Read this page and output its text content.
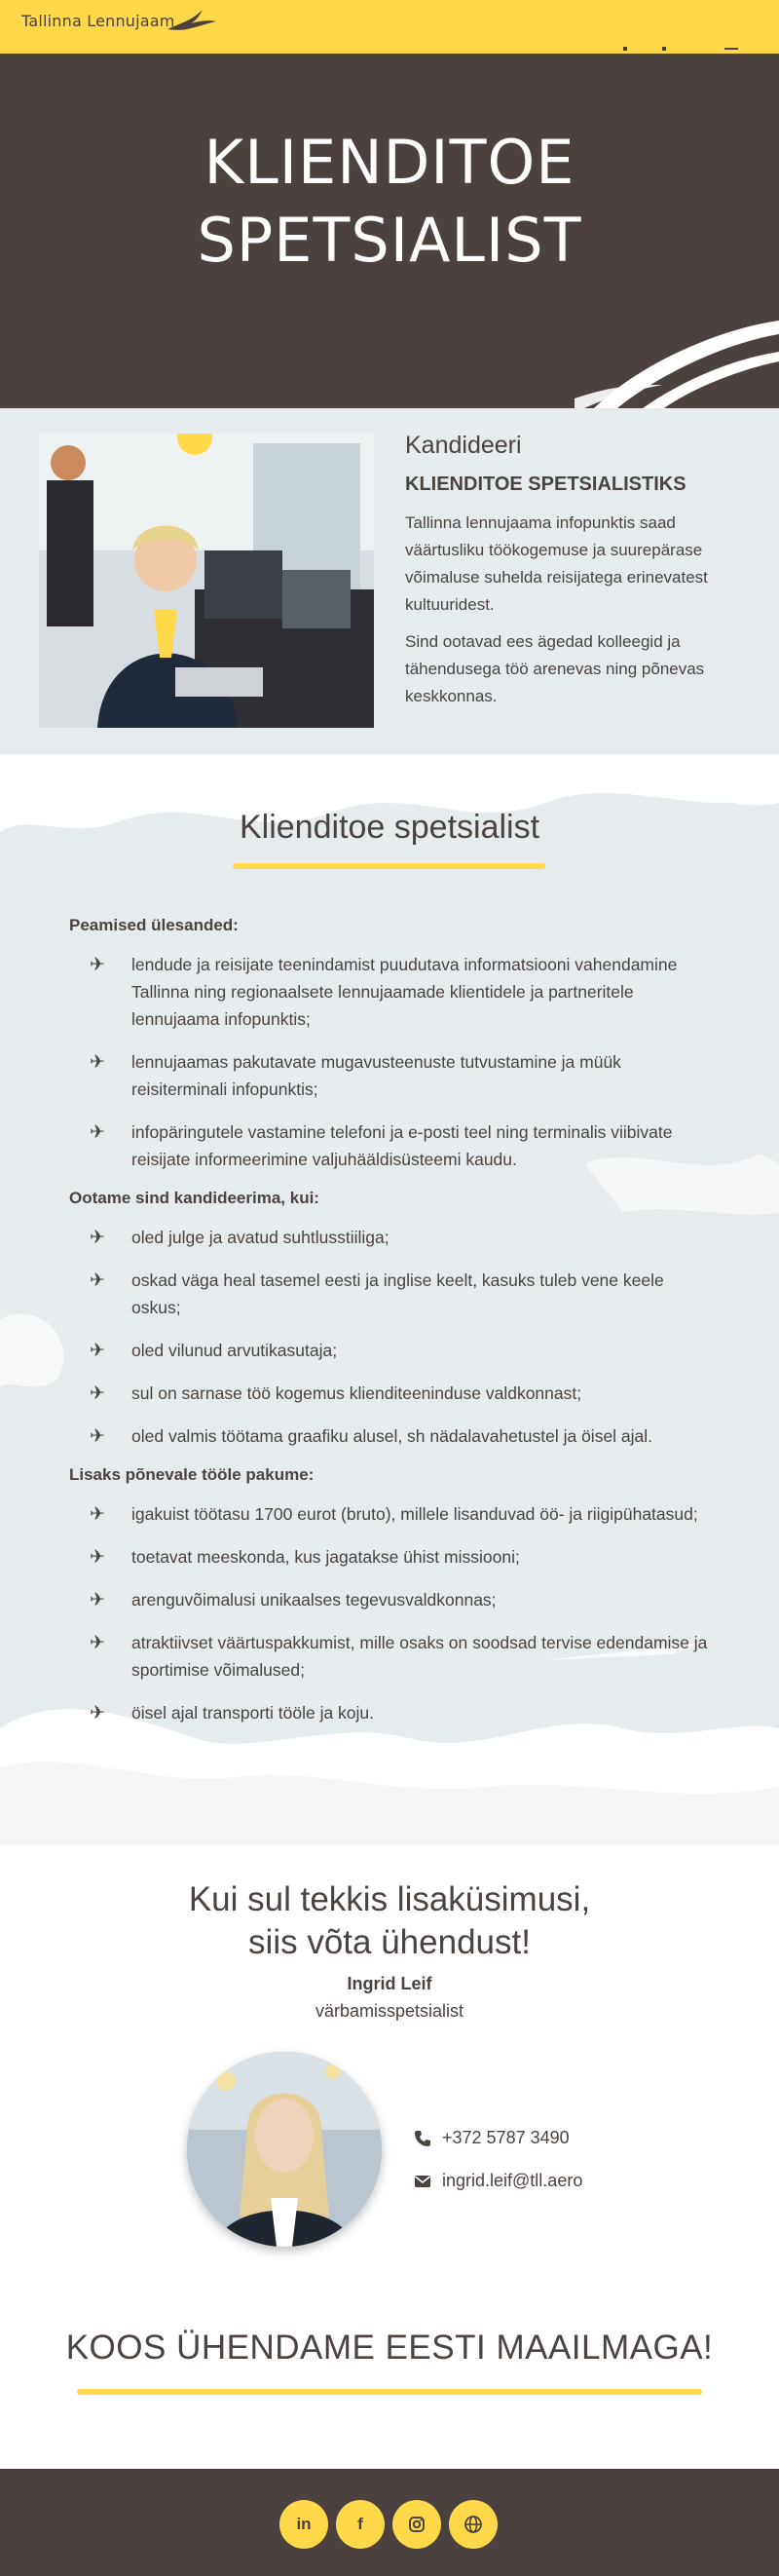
Tallinna Lennujaam
KLIENDITOE
SPETSIALIST
Kandideeri
KLIENDITOE SPETSIALISTIKS

Tallinna lennujaama infopunktis saad väärtusliku töökogemuse ja suurepärase võimaluse suhelda reisijatega erinevatest kultuuridest.

Sind ootavad ees ägedad kolleegid ja tähendusega töö arenevas ning põnevas keskkonnas.

Klienditoe spetsialist
Peamised ülesanded:
✈ lendude ja reisijate teenindamist puudutava informatsiooni vahendamine Tallinna ning regionaalsete lennujaamade klientidele ja partneritele lennujaama infopunktis;
✈ lennujaamas pakutavate mugavusteenuste tutvustamine ja müük reisiterminali infopunktis;
✈ infopäringutele vastamine telefoni ja e-posti teel ning terminalis viibivate reisijate informeerimine valjuhääldisüsteemi kaudu.
Ootame sind kandideerima, kui:
✈ oled julge ja avatud suhtlusstiiliga;
✈ oskad väga heal tasemel eesti ja inglise keelt, kasuks tuleb vene keele oskus;
✈ oled vilunud arvutikasutaja;
✈ sul on sarnase töö kogemus klienditeeninduse valdkonnast;
✈ oled valmis töötama graafiku alusel, sh nädalavahetustel ja öisel ajal.
Lisaks põnevale tööle pakume:
✈ igakuist töötasu 1700 eurot (bruto), millele lisanduvad öö- ja riigipühatasud;
✈ toetavat meeskonda, kus jagatakse ühist missiooni;
✈ arenguvõimalusi unikaalses tegevusvaldkonnas;
✈ atraktiivset väärtuspakkumist, mille osaks on soodsad tervise edendamise ja sportimise võimalused;
✈ öisel ajal transporti tööle ja koju.
Kui sul tekkis lisaküsimusi,
siis võta ühendust!
Ingrid Leif
värbamisspetsialist
+372 5787 3490
ingrid.leif@tll.aero
KOOS ÜHENDAME EESTI MAAILMAGA!
in	f
